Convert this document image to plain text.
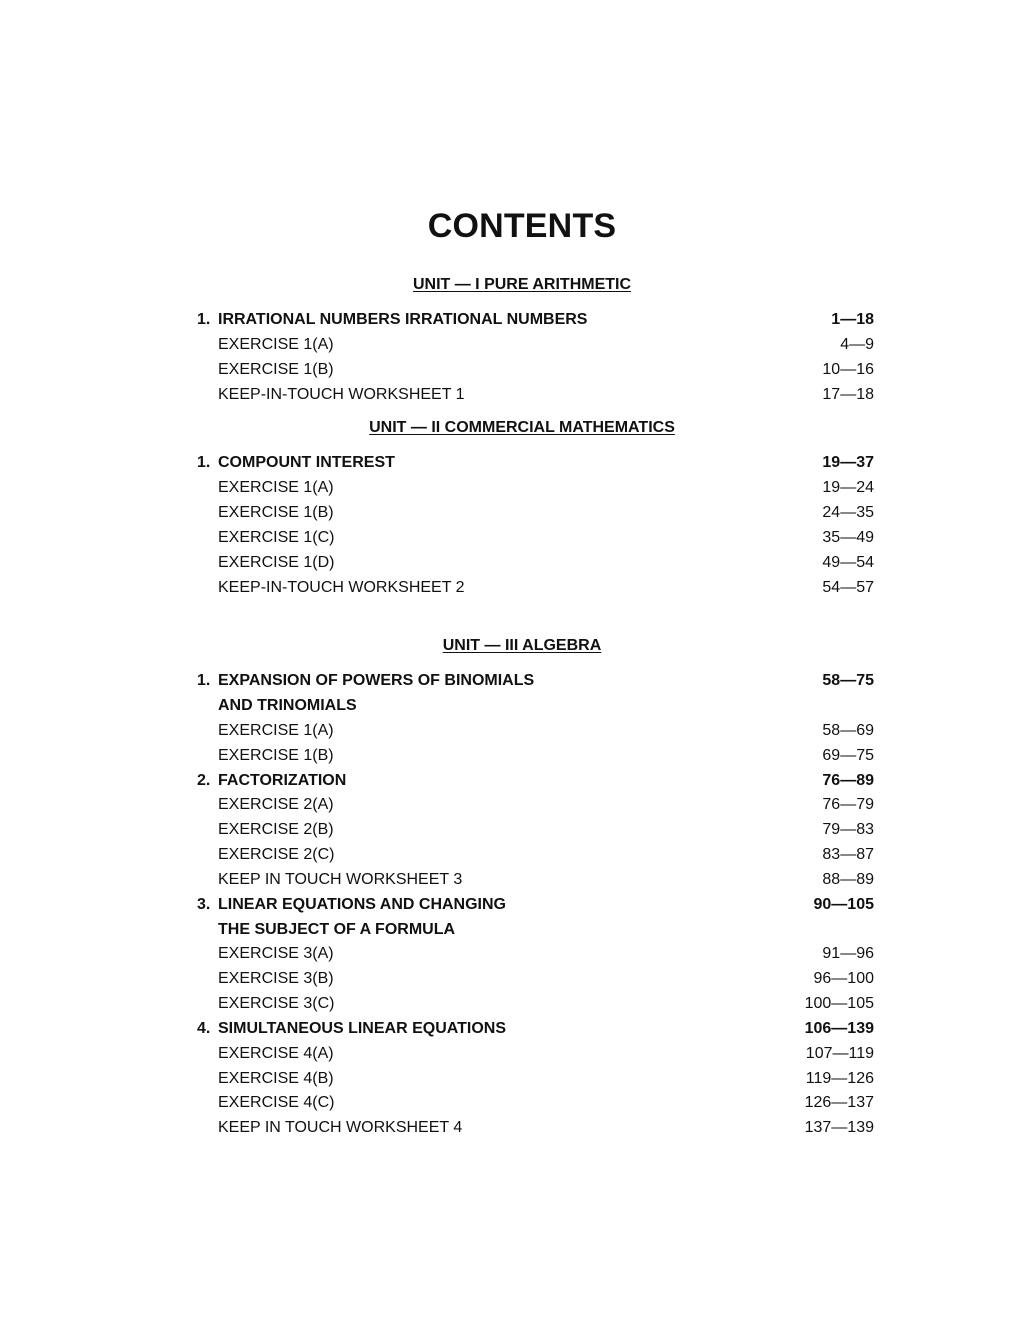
CONTENTS
UNIT — I PURE ARITHMETIC
1. IRRATIONAL NUMBERS IRRATIONAL NUMBERS	1—18
EXERCISE 1(A)	4—9
EXERCISE 1(B)	10—16
KEEP-IN-TOUCH WORKSHEET 1	17—18
UNIT — II COMMERCIAL MATHEMATICS
1. COMPOUNT INTEREST	19—37
EXERCISE 1(A)	19—24
EXERCISE 1(B)	24—35
EXERCISE 1(C)	35—49
EXERCISE 1(D)	49—54
KEEP-IN-TOUCH WORKSHEET 2	54—57
UNIT — III ALGEBRA
1. EXPANSION OF POWERS OF BINOMIALS	58—75
AND TRINOMIALS
EXERCISE 1(A)	58—69
EXERCISE 1(B)	69—75
2. FACTORIZATION	76—89
EXERCISE 2(A)	76—79
EXERCISE 2(B)	79—83
EXERCISE 2(C)	83—87
KEEP IN TOUCH WORKSHEET 3	88—89
3. LINEAR EQUATIONS AND CHANGING	90—105
THE SUBJECT OF A FORMULA
EXERCISE 3(A)	91—96
EXERCISE 3(B)	96—100
EXERCISE 3(C)	100—105
4. SIMULTANEOUS LINEAR EQUATIONS	106—139
EXERCISE 4(A)	107—119
EXERCISE 4(B)	119—126
EXERCISE 4(C)	126—137
KEEP IN TOUCH WORKSHEET 4	137—139
